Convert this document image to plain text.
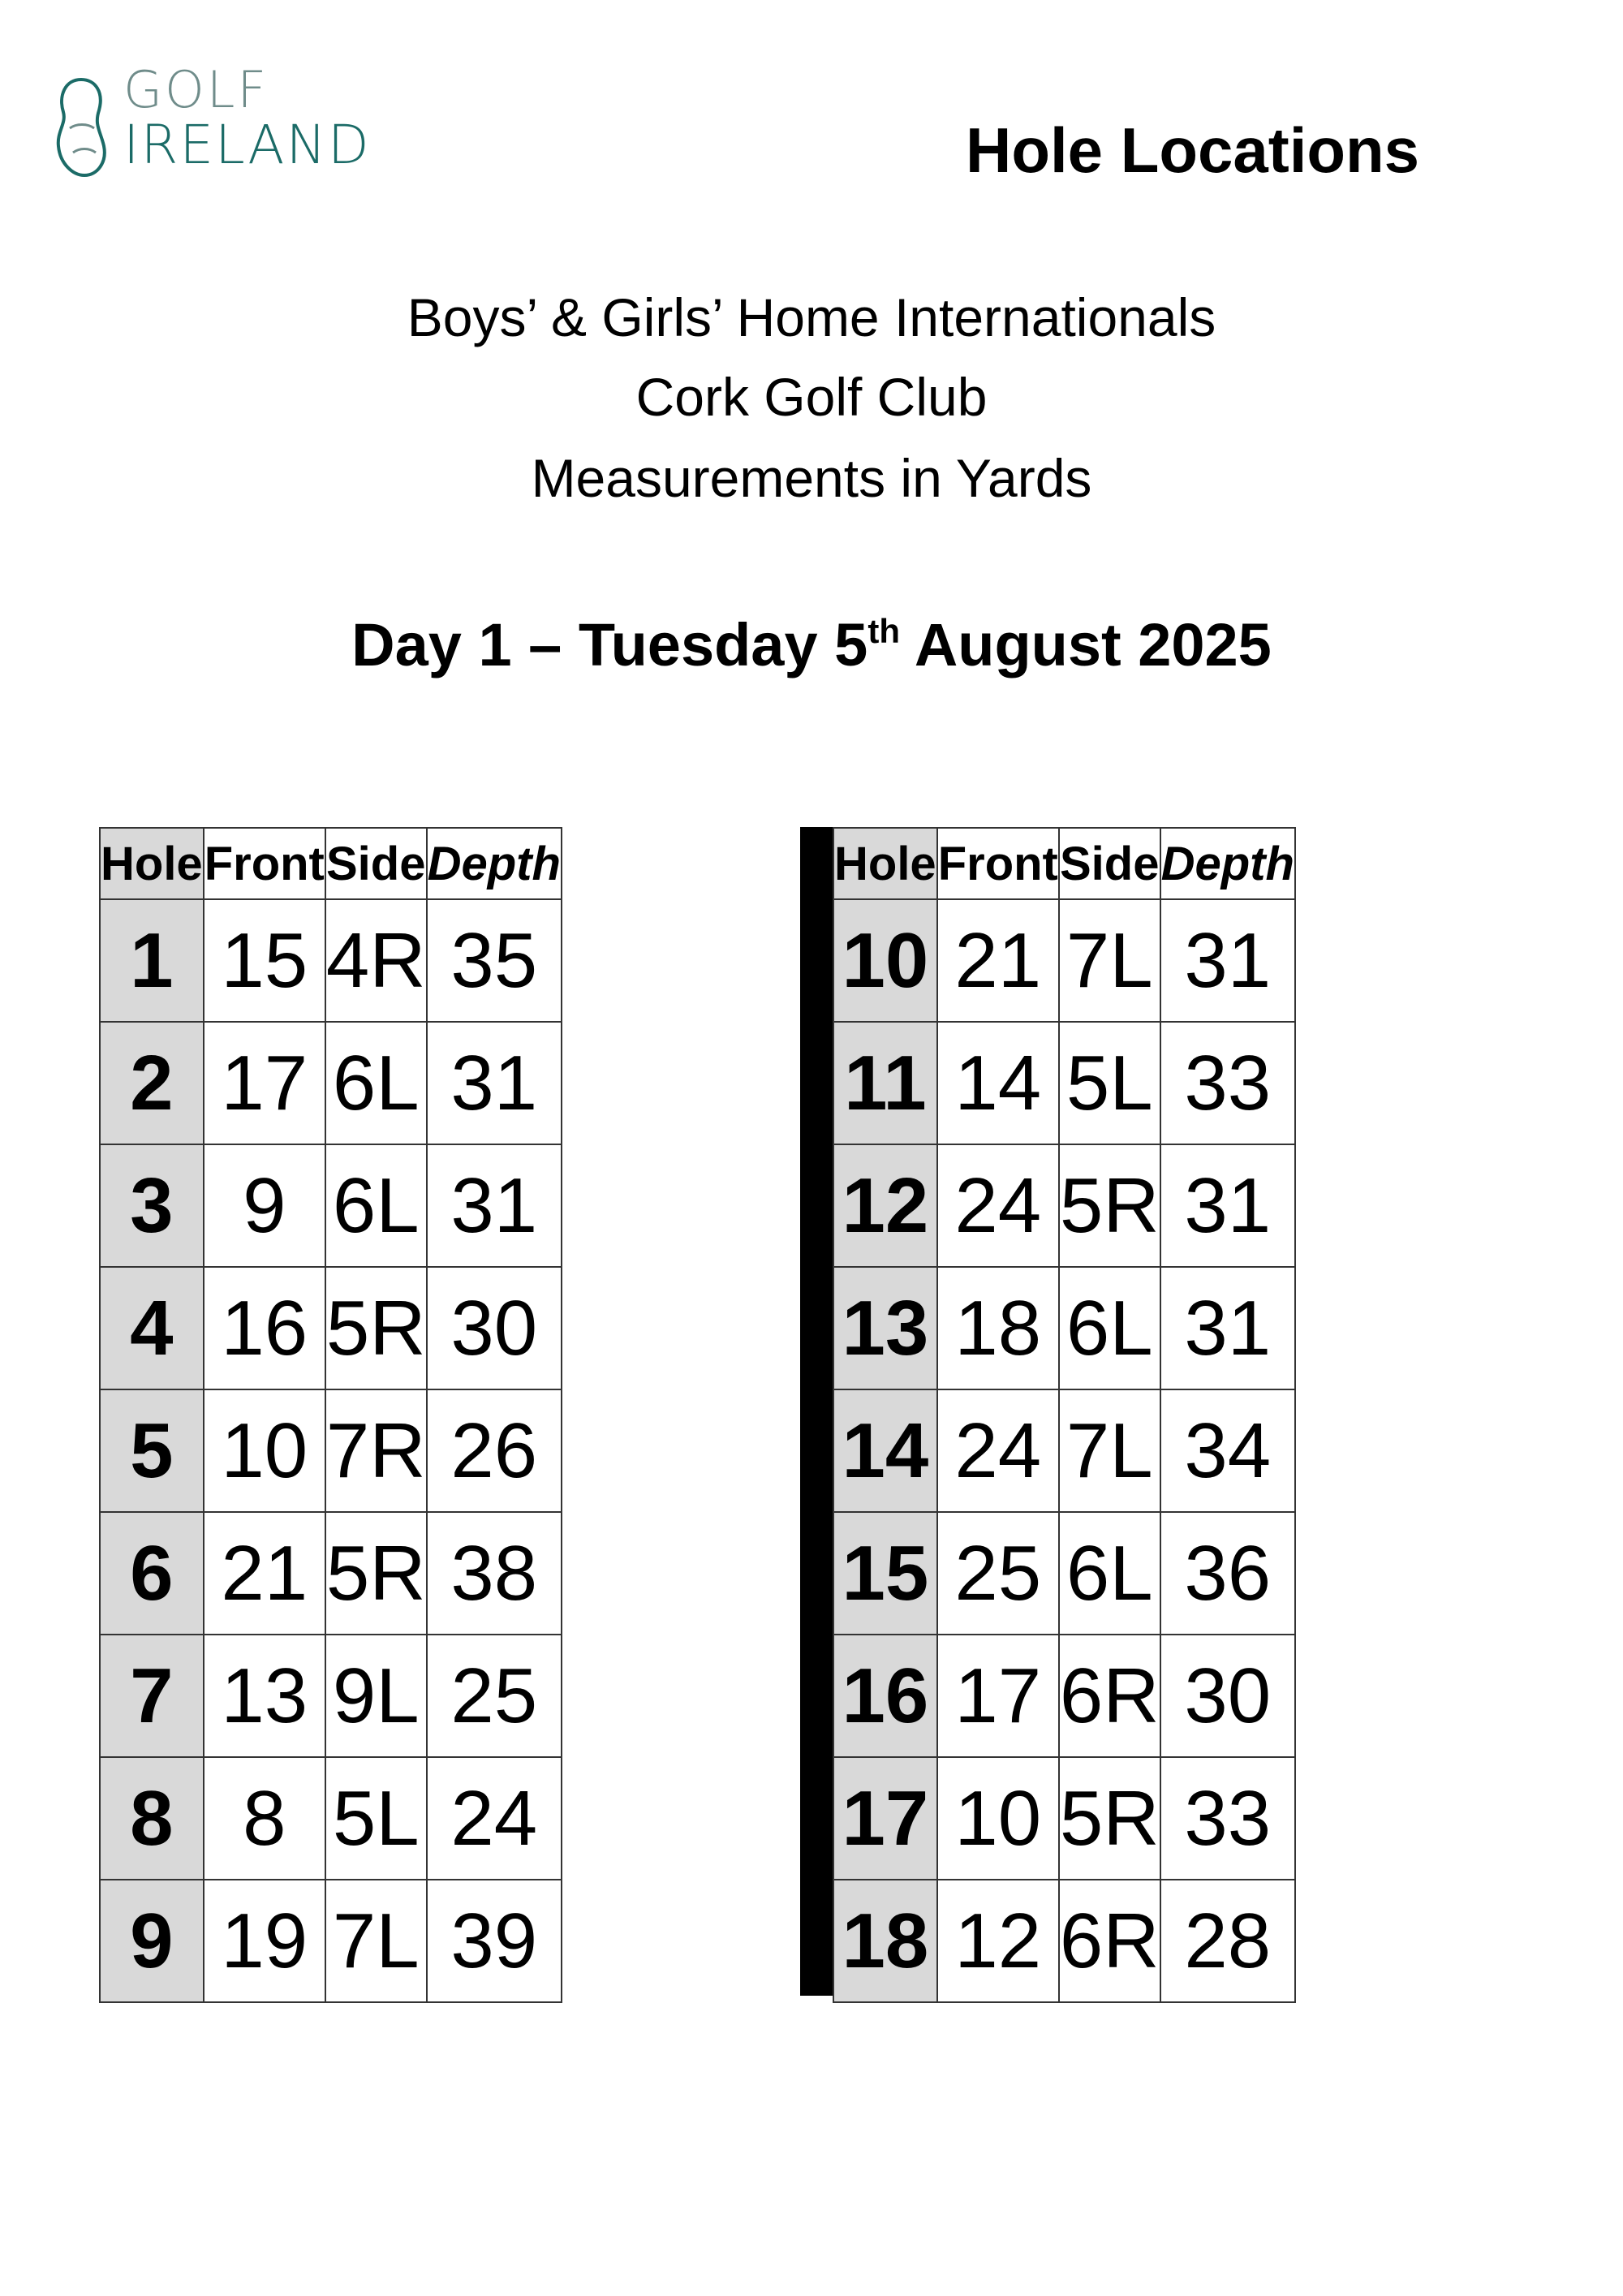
GOLF
IRELAND	Hole Locations
Boys’ & Girls’ Home Internationals
Cork Golf Club
Measurements in Yards
Day 1 – Tuesday 5th August 2025
Hole	Front	Side	Depth
1	15	4R	35
2	17	6L	31
3	9	6L	31
4	16	5R	30
5	10	7R	26
6	21	5R	38
7	13	9L	25
8	8	5L	24
9	19	7L	39
Hole	Front	Side	Depth
10	21	7L	31
11	14	5L	33
12	24	5R	31
13	18	6L	31
14	24	7L	34
15	25	6L	36
16	17	6R	30
17	10	5R	33
18	12	6R	28
